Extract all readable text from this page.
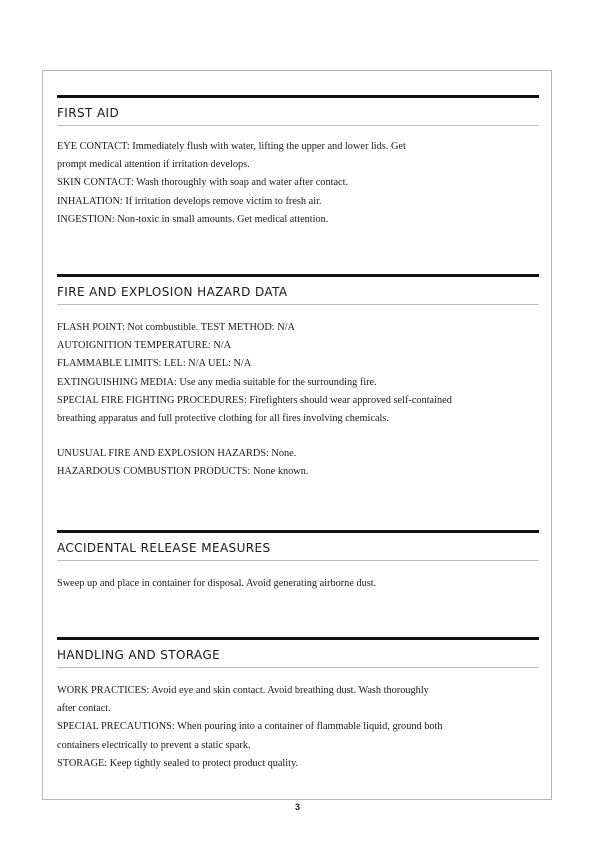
FIRST AID
EYE CONTACT: Immediately flush with water, lifting the upper and lower lids. Get
prompt medical attention if irritation develops.
SKIN CONTACT: Wash thoroughly with soap and water after contact.
INHALATION: If irritation develops remove victim to fresh air.
INGESTION: Non-toxic in small amounts. Get medical attention.
FIRE AND EXPLOSION HAZARD DATA
FLASH POINT: Not combustible. TEST METHOD: N/A
AUTOIGNITION TEMPERATURE: N/A
FLAMMABLE LIMITS: LEL: N/A UEL: N/A
EXTINGUISHING MEDIA: Use any media suitable for the surrounding fire.
SPECIAL FIRE FIGHTING PROCEDURES: Firefighters should wear approved self-contained
breathing apparatus and full protective clothing for all fires involving chemicals.
UNUSUAL FIRE AND EXPLOSION HAZARDS: None.
HAZARDOUS COMBUSTION PRODUCTS: None known.
ACCIDENTAL RELEASE MEASURES
Sweep up and place in container for disposal. Avoid generating airborne dust.
HANDLING AND STORAGE
WORK PRACTICES: Avoid eye and skin contact. Avoid breathing dust. Wash thoroughly
after contact.
SPECIAL PRECAUTIONS: When pouring into a container of flammable liquid, ground both
containers electrically to prevent a static spark.
STORAGE: Keep tightly sealed to protect product quality.
3
